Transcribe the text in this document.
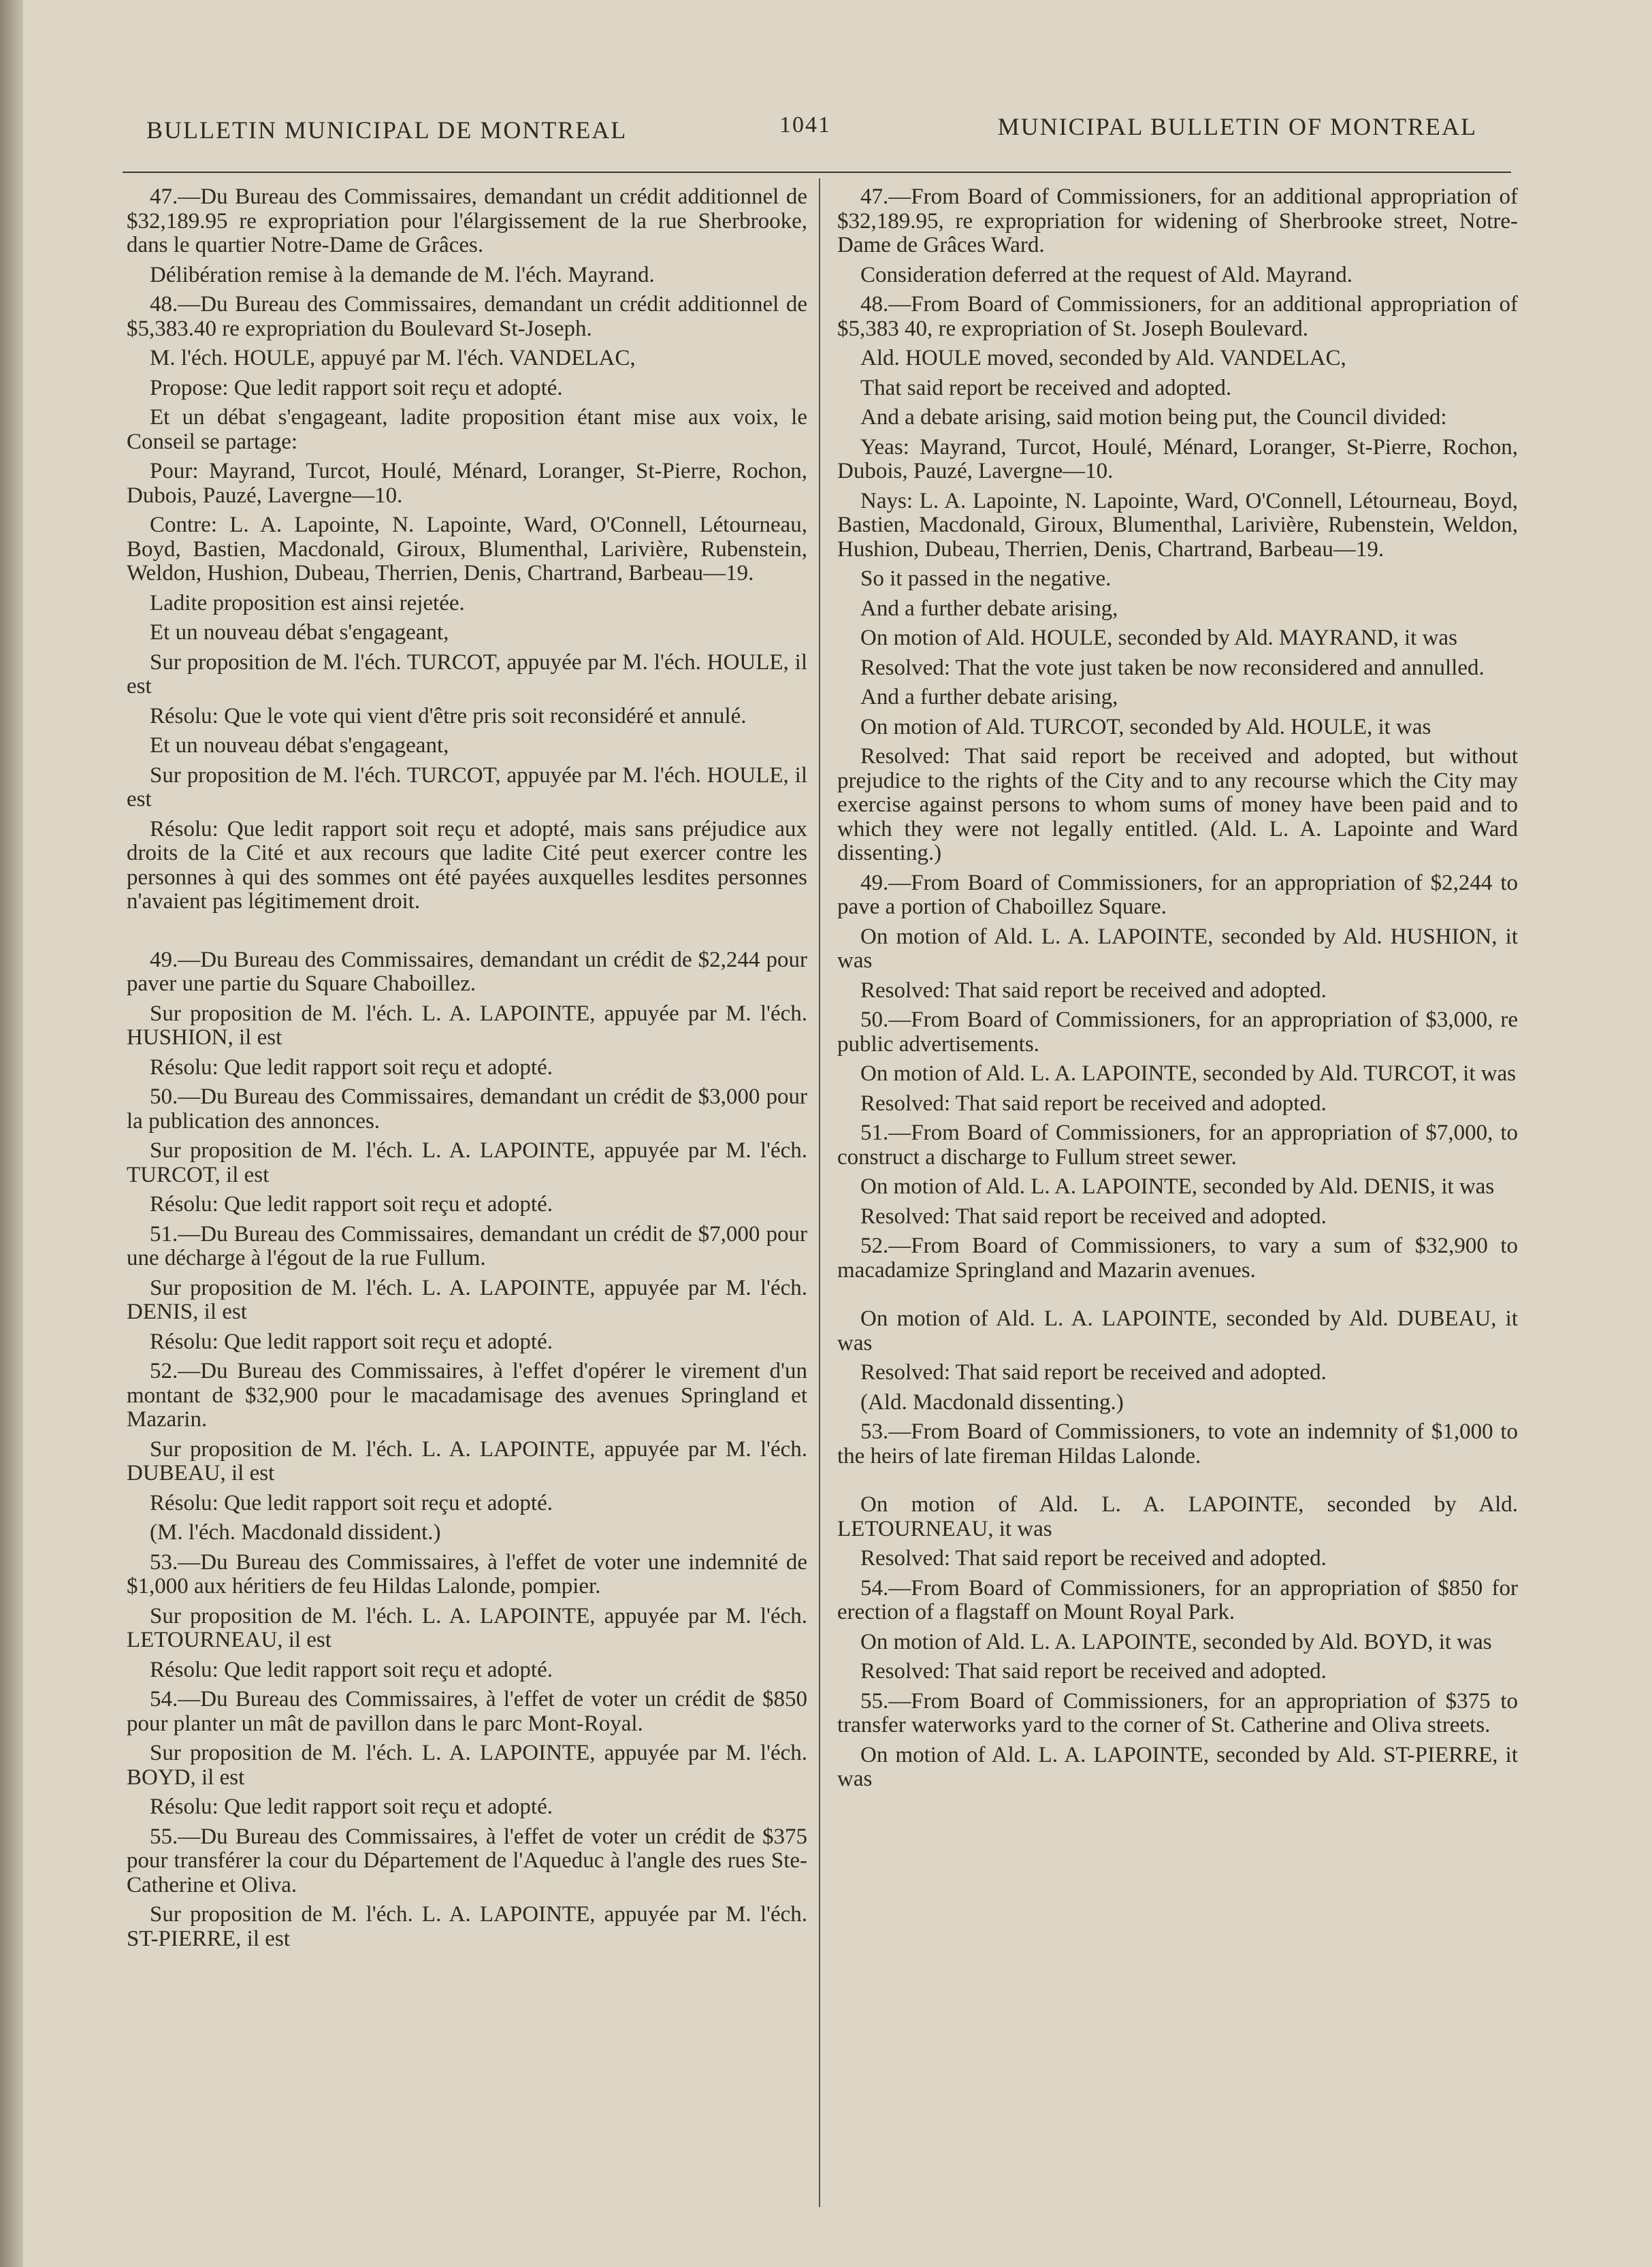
BULLETIN MUNICIPAL DE MONTREAL	1041	MUNICIPAL BULLETIN OF MONTREAL

47.—Du Bureau des Commissaires, demandant un crédit additionnel de $32,189.95 re expropriation pour l'élargissement de la rue Sherbrooke, dans le quartier Notre-Dame de Grâces.

Délibération remise à la demande de M. l'éch. Mayrand.

48.—Du Bureau des Commissaires, demandant un crédit additionnel de $5,383.40 re expropriation du Boulevard St-Joseph.

M. l'éch. HOULE, appuyé par M. l'éch. VANDELAC,

Propose: Que ledit rapport soit reçu et adopté.

Et un débat s'engageant, ladite proposition étant mise aux voix, le Conseil se partage:

Pour: Mayrand, Turcot, Houlé, Ménard, Loranger, St-Pierre, Rochon, Dubois, Pauzé, Lavergne—10.

Contre: L. A. Lapointe, N. Lapointe, Ward, O'Connell, Létourneau, Boyd, Bastien, Macdonald, Giroux, Blumenthal, Larivière, Rubenstein, Weldon, Hushion, Dubeau, Therrien, Denis, Chartrand, Barbeau—19.

Ladite proposition est ainsi rejetée.

Et un nouveau débat s'engageant,

Sur proposition de M. l'éch. TURCOT, appuyée par M. l'éch. HOULE, il est

Résolu: Que le vote qui vient d'être pris soit reconsidéré et annulé.

Et un nouveau débat s'engageant,

Sur proposition de M. l'éch. TURCOT, appuyée par M. l'éch. HOULE, il est

Résolu: Que ledit rapport soit reçu et adopté, mais sans préjudice aux droits de la Cité et aux recours que ladite Cité peut exercer contre les personnes à qui des sommes ont été payées auxquelles lesdites personnes n'avaient pas légitimement droit.

49.—Du Bureau des Commissaires, demandant un crédit de $2,244 pour paver une partie du Square Chaboillez.

Sur proposition de M. l'éch. L. A. LAPOINTE, appuyée par M. l'éch. HUSHION, il est

Résolu: Que ledit rapport soit reçu et adopté.

50.—Du Bureau des Commissaires, demandant un crédit de $3,000 pour la publication des annonces.

Sur proposition de M. l'éch. L. A. LAPOINTE, appuyée par M. l'éch. TURCOT, il est

Résolu: Que ledit rapport soit reçu et adopté.

51.—Du Bureau des Commissaires, demandant un crédit de $7,000 pour une décharge à l'égout de la rue Fullum.

Sur proposition de M. l'éch. L. A. LAPOINTE, appuyée par M. l'éch. DENIS, il est

Résolu: Que ledit rapport soit reçu et adopté.

52.—Du Bureau des Commissaires, à l'effet d'opérer le virement d'un montant de $32,900 pour le macadamisage des avenues Springland et Mazarin.

Sur proposition de M. l'éch. L. A. LAPOINTE, appuyée par M. l'éch. DUBEAU, il est

Résolu: Que ledit rapport soit reçu et adopté.

(M. l'éch. Macdonald dissident.)

53.—Du Bureau des Commissaires, à l'effet de voter une indemnité de $1,000 aux héritiers de feu Hildas Lalonde, pompier.

Sur proposition de M. l'éch. L. A. LAPOINTE, appuyée par M. l'éch. LETOURNEAU, il est

Résolu: Que ledit rapport soit reçu et adopté.

54.—Du Bureau des Commissaires, à l'effet de voter un crédit de $850 pour planter un mât de pavillon dans le parc Mont-Royal.

Sur proposition de M. l'éch. L. A. LAPOINTE, appuyée par M. l'éch. BOYD, il est

Résolu: Que ledit rapport soit reçu et adopté.

55.—Du Bureau des Commissaires, à l'effet de voter un crédit de $375 pour transférer la cour du Département de l'Aqueduc à l'angle des rues Ste-Catherine et Oliva.

Sur proposition de M. l'éch. L. A. LAPOINTE, appuyée par M. l'éch. ST-PIERRE, il est

47.—From Board of Commissioners, for an additional appropriation of $32,189.95, re expropriation for widening of Sherbrooke street, Notre-Dame de Grâces Ward.

Consideration deferred at the request of Ald. Mayrand.

48.—From Board of Commissioners, for an additional appropriation of $5,383 40, re expropriation of St. Joseph Boulevard.

Ald. HOULE moved, seconded by Ald. VANDELAC,

That said report be received and adopted.

And a debate arising, said motion being put, the Council divided:

Yeas: Mayrand, Turcot, Houlé, Ménard, Loranger, St-Pierre, Rochon, Dubois, Pauzé, Lavergne—10.

Nays: L. A. Lapointe, N. Lapointe, Ward, O'Connell, Létourneau, Boyd, Bastien, Macdonald, Giroux, Blumenthal, Larivière, Rubenstein, Weldon, Hushion, Dubeau, Therrien, Denis, Chartrand, Barbeau—19.

So it passed in the negative.

And a further debate arising,

On motion of Ald. HOULE, seconded by Ald. MAYRAND, it was

Resolved: That the vote just taken be now reconsidered and annulled.

And a further debate arising,

On motion of Ald. TURCOT, seconded by Ald. HOULE, it was

Resolved: That said report be received and adopted, but without prejudice to the rights of the City and to any recourse which the City may exercise against persons to whom sums of money have been paid and to which they were not legally entitled. (Ald. L. A. Lapointe and Ward dissenting.)

49.—From Board of Commissioners, for an appropriation of $2,244 to pave a portion of Chaboillez Square.

On motion of Ald. L. A. LAPOINTE, seconded by Ald. HUSHION, it was

Resolved: That said report be received and adopted.

50.—From Board of Commissioners, for an appropriation of $3,000, re public advertisements.

On motion of Ald. L. A. LAPOINTE, seconded by Ald. TURCOT, it was

Resolved: That said report be received and adopted.

51.—From Board of Commissioners, for an appropriation of $7,000, to construct a discharge to Fullum street sewer.

On motion of Ald. L. A. LAPOINTE, seconded by Ald. DENIS, it was

Resolved: That said report be received and adopted.

52.—From Board of Commissioners, to vary a sum of $32,900 to macadamize Springland and Mazarin avenues.

On motion of Ald. L. A. LAPOINTE, seconded by Ald. DUBEAU, it was

Resolved: That said report be received and adopted.

(Ald. Macdonald dissenting.)

53.—From Board of Commissioners, to vote an indemnity of $1,000 to the heirs of late fireman Hildas Lalonde.

On motion of Ald. L. A. LAPOINTE, seconded by Ald. LETOURNEAU, it was

Resolved: That said report be received and adopted.

54.—From Board of Commissioners, for an appropriation of $850 for erection of a flagstaff on Mount Royal Park.

On motion of Ald. L. A. LAPOINTE, seconded by Ald. BOYD, it was

Resolved: That said report be received and adopted.

55.—From Board of Commissioners, for an appropriation of $375 to transfer waterworks yard to the corner of St. Catherine and Oliva streets.

On motion of Ald. L. A. LAPOINTE, seconded by Ald. ST-PIERRE, it was
